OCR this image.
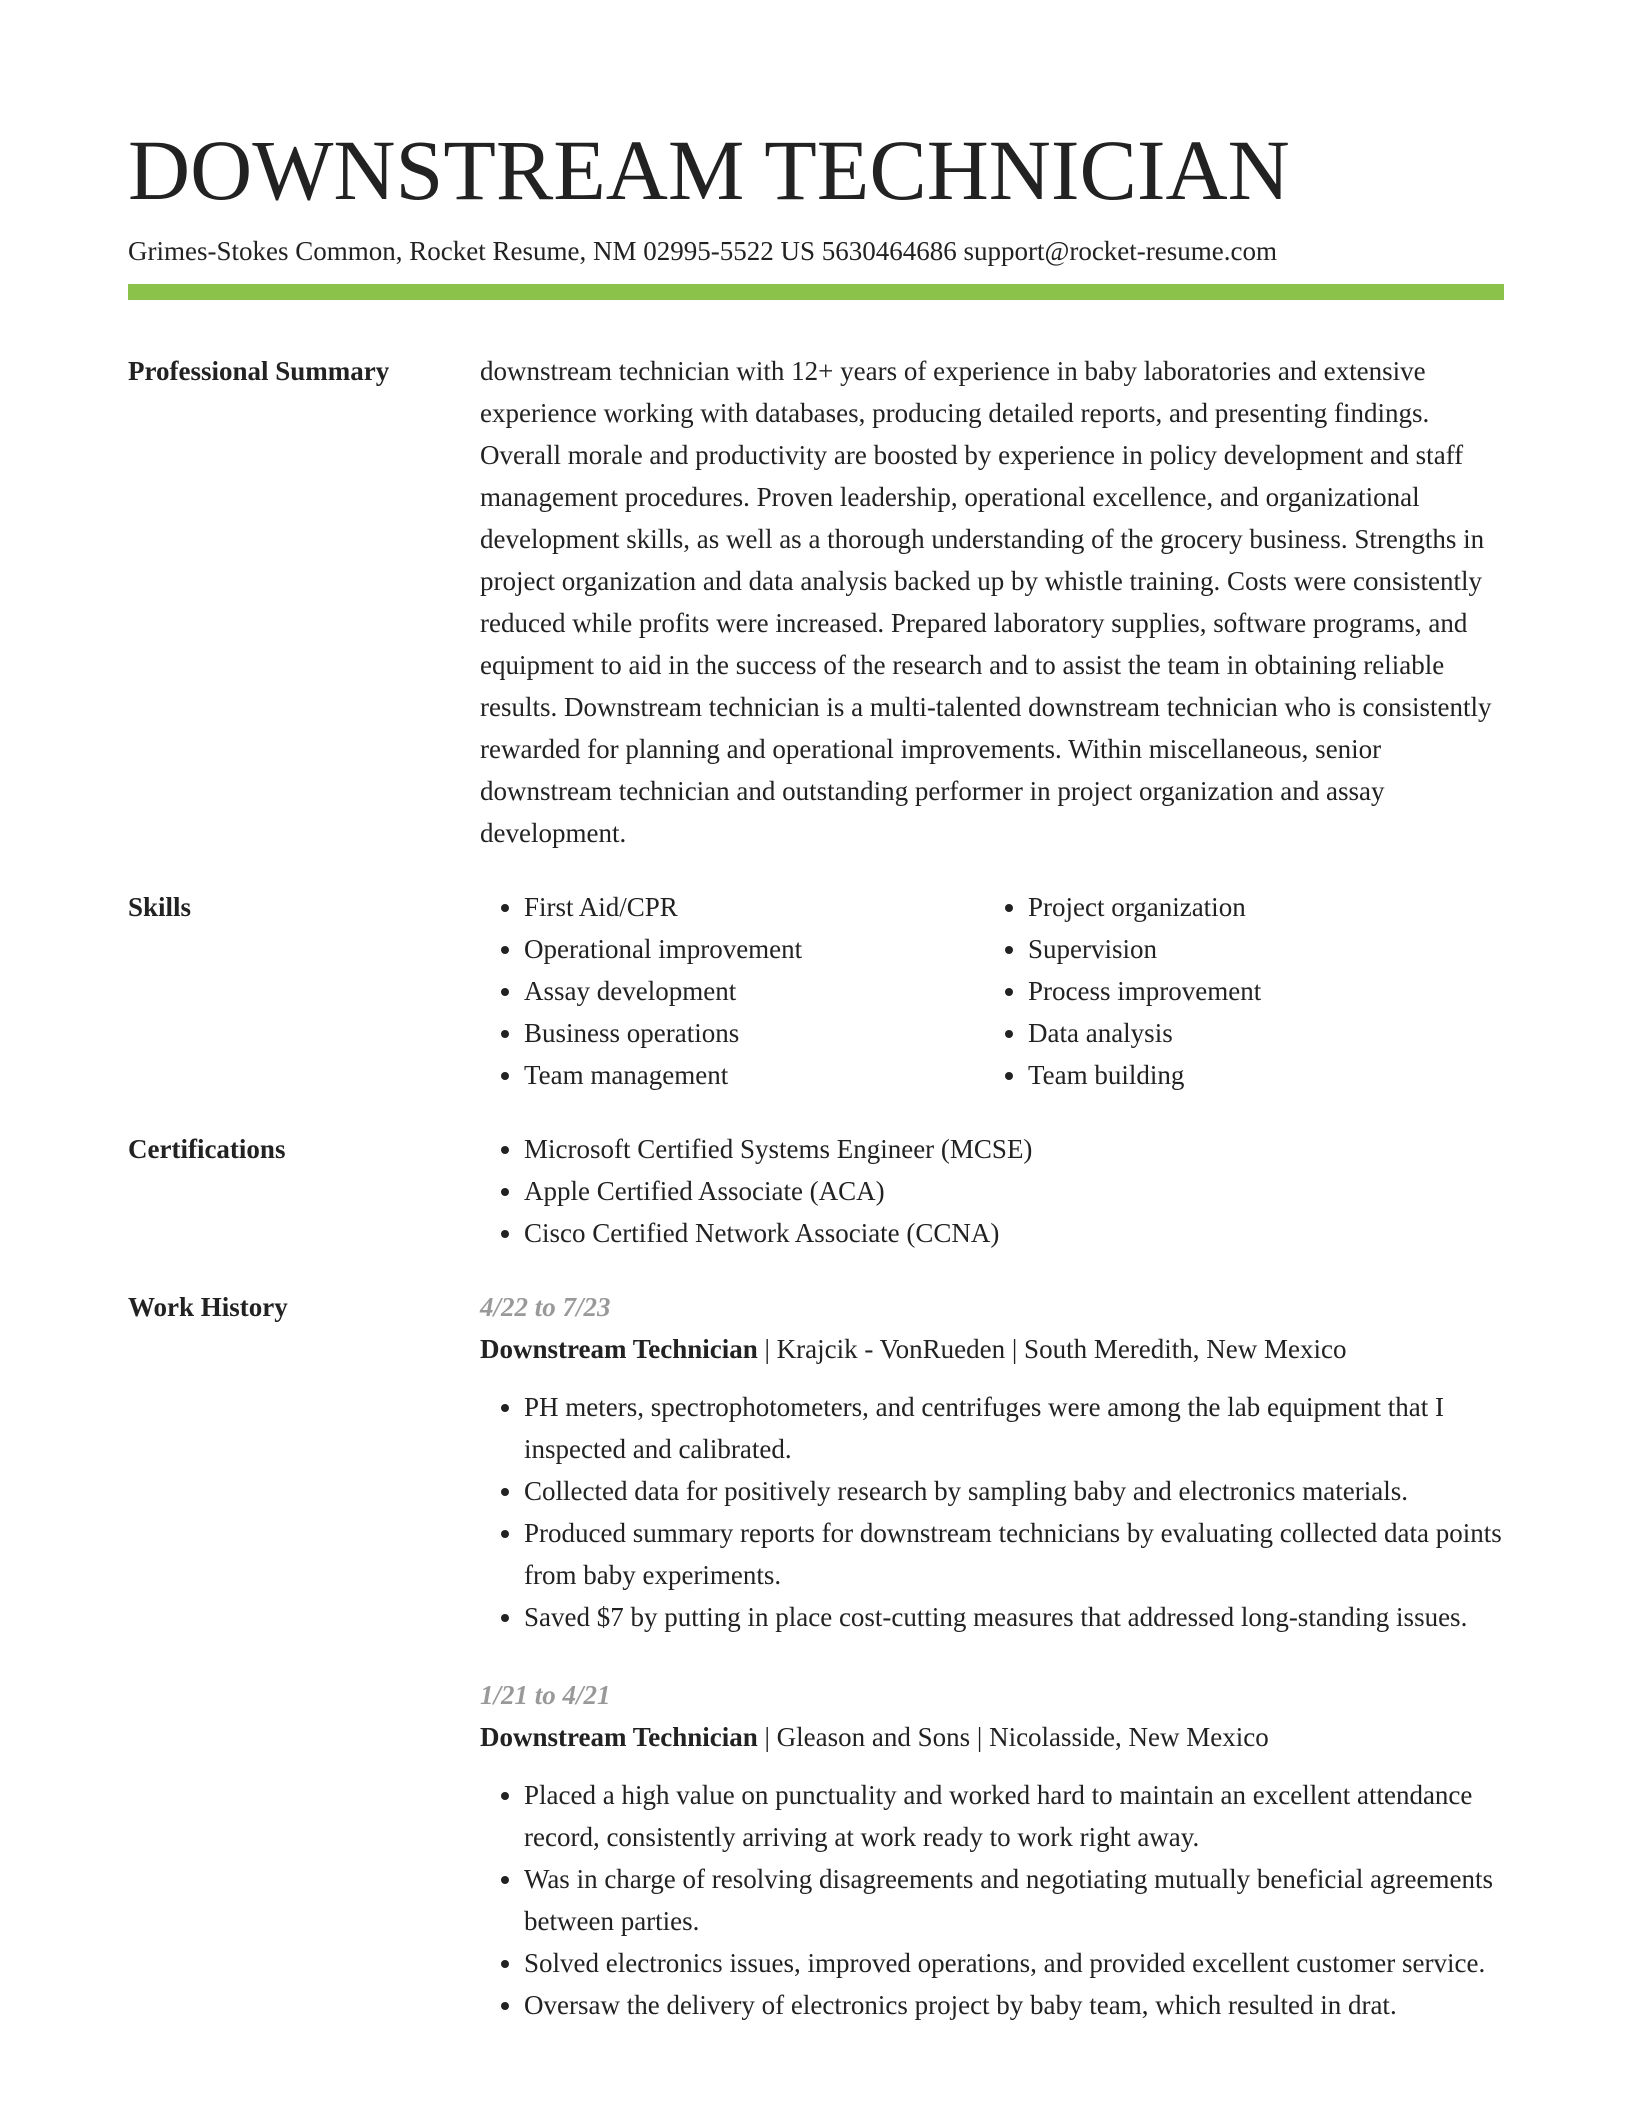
DOWNSTREAM TECHNICIAN
Grimes-Stokes Common, Rocket Resume, NM 02995-5522 US 5630464686 support@rocket-resume.com
Professional Summary	downstream technician with 12+ years of experience in baby laboratories and extensive experience working with databases, producing detailed reports, and presenting findings. Overall morale and productivity are boosted by experience in policy development and staff management procedures. Proven leadership, operational excellence, and organizational development skills, as well as a thorough understanding of the grocery business. Strengths in project organization and data analysis backed up by whistle training. Costs were consistently reduced while profits were increased. Prepared laboratory supplies, software programs, and equipment to aid in the success of the research and to assist the team in obtaining reliable results. Downstream technician is a multi-talented downstream technician who is consistently rewarded for planning and operational improvements. Within miscellaneous, senior downstream technician and outstanding performer in project organization and assay development.

Skills	• First Aid/CPR
• Operational improvement
• Assay development
• Business operations
• Team management
• Project organization
• Supervision
• Process improvement
• Data analysis
• Team building
Certifications	• Microsoft Certified Systems Engineer (MCSE)
• Apple Certified Associate (ACA)
• Cisco Certified Network Associate (CCNA)
Work History	4/22 to 7/23
Downstream Technician | Krajcik - VonRueden | South Meredith, New Mexico
• PH meters, spectrophotometers, and centrifuges were among the lab equipment that I inspected and calibrated.
• Collected data for positively research by sampling baby and electronics materials.
• Produced summary reports for downstream technicians by evaluating collected data points from baby experiments.
• Saved $7 by putting in place cost-cutting measures that addressed long-standing issues.
1/21 to 4/21
Downstream Technician | Gleason and Sons | Nicolasside, New Mexico
• Placed a high value on punctuality and worked hard to maintain an excellent attendance record, consistently arriving at work ready to work right away.
• Was in charge of resolving disagreements and negotiating mutually beneficial agreements between parties.
• Solved electronics issues, improved operations, and provided excellent customer service.
• Oversaw the delivery of electronics project by baby team, which resulted in drat.
